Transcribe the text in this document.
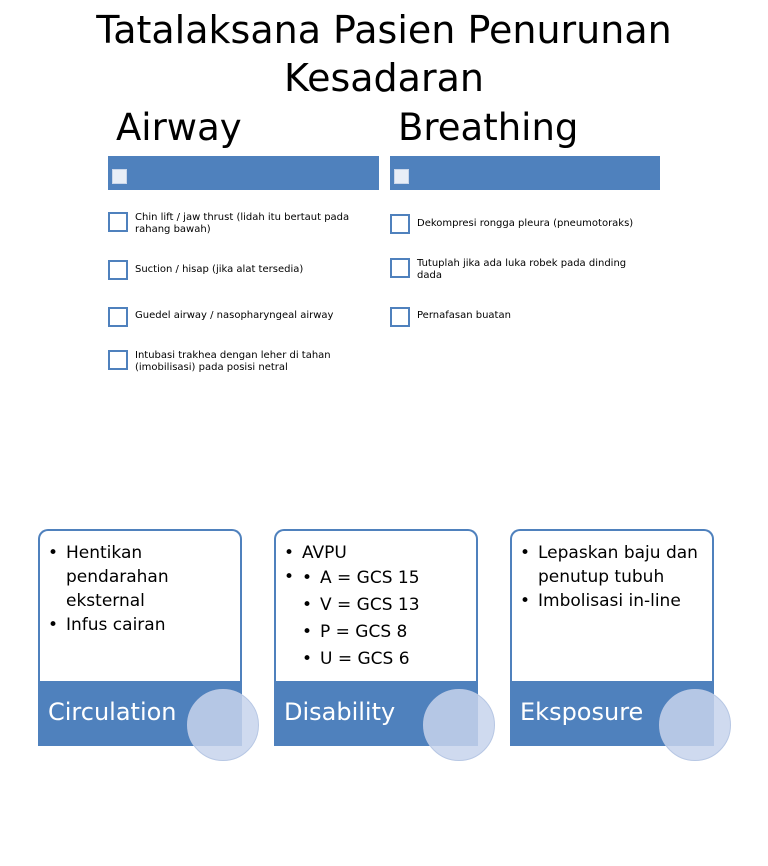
Tatalaksana Pasien Penurunan
Kesadaran
Airway
Chin lift / jaw thrust (lidah itu bertaut pada rahang bawah)
Suction / hisap (jika alat tersedia)
Guedel airway / nasopharyngeal airway
Intubasi trakhea dengan leher di tahan (imobilisasi) pada posisi netral
Breathing
Dekompresi rongga pleura (pneumotoraks)
Tutuplah jika ada luka robek pada dinding dada
Pernafasan buatan
• Hentikan pendarahan eksternal
• Infus cairan
Circulation
• AVPU
• • A = GCS 15
• V = GCS 13
• P = GCS 8
• U = GCS 6
Disability
• Lepaskan baju dan penutup tubuh
• Imbolisasi in-line
Eksposure
